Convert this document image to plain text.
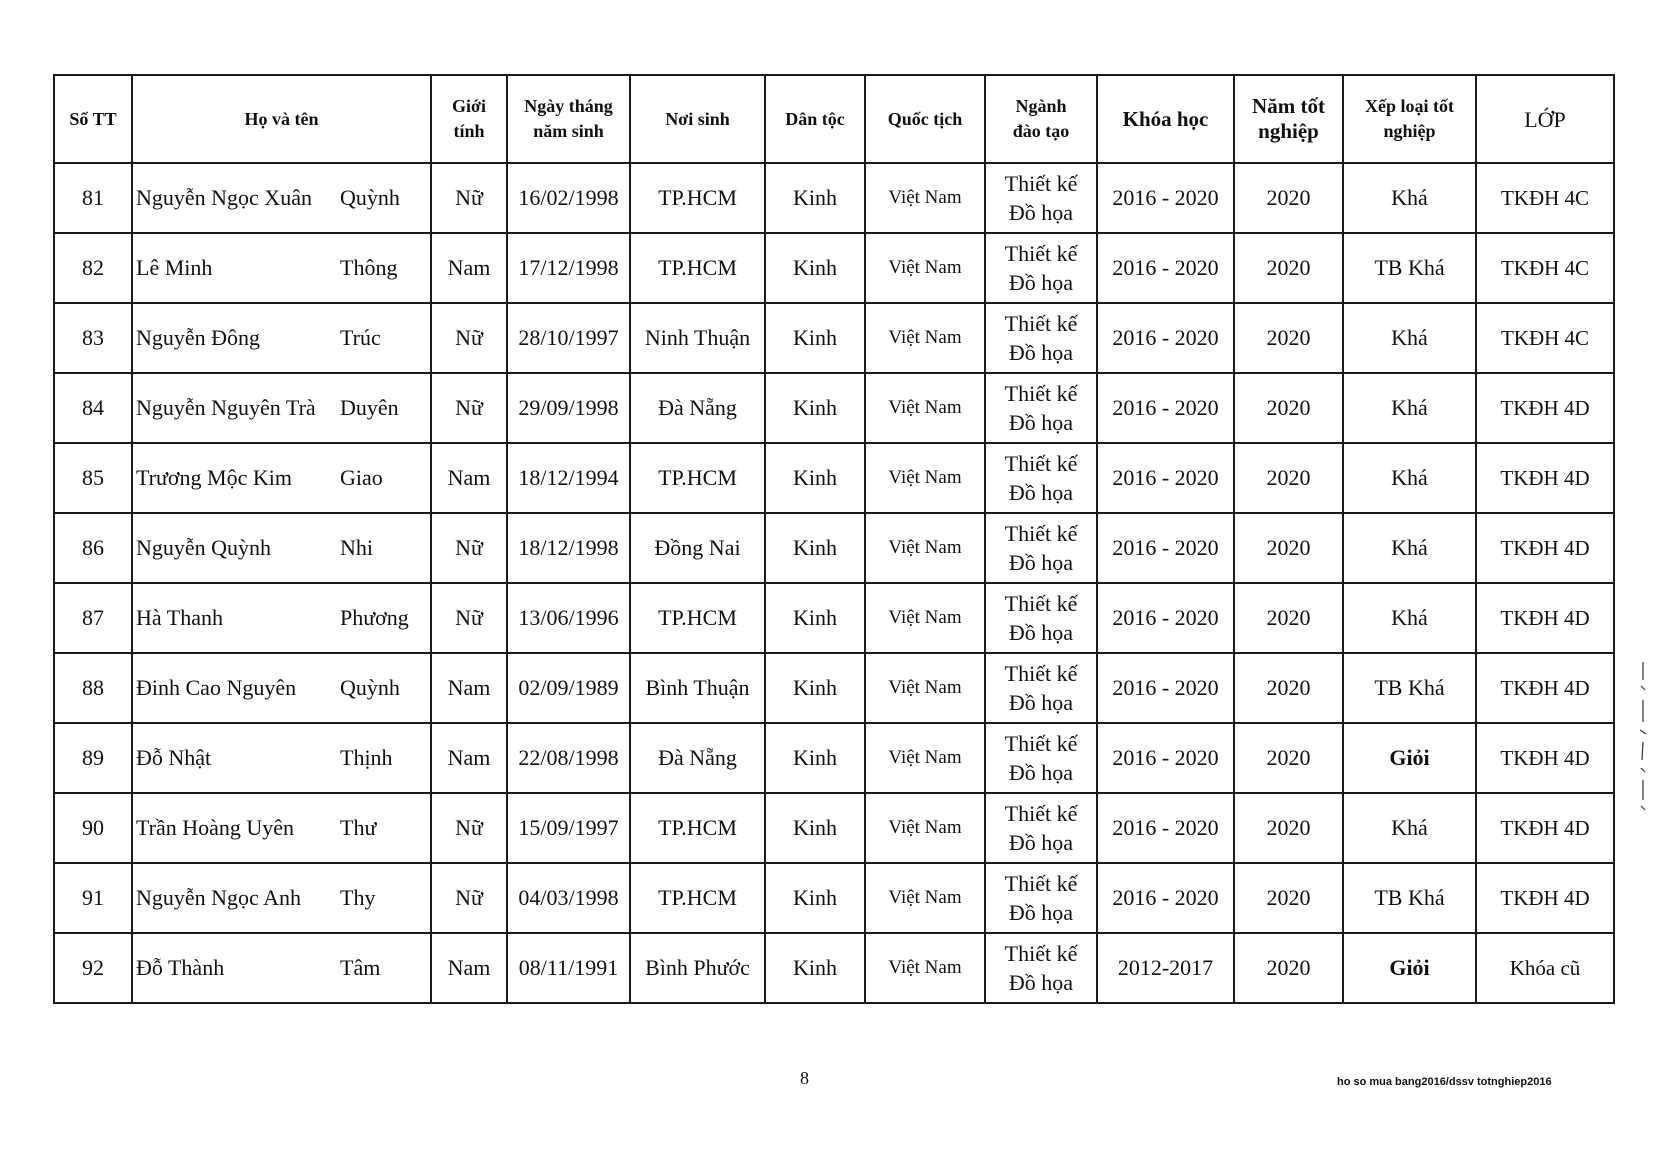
Số TT	Họ và tên		Giới
tính	Ngày tháng
năm sinh	Nơi sinh	Dân tộc	Quốc tịch	Ngành
đào tạo	Khóa học	Năm tốt
nghiệp	Xếp loại tốt
nghiệp	LỚP
81	Nguyễn Ngọc Xuân	Quỳnh	Nữ	16/02/1998	TP.HCM	Kinh	Việt Nam	Thiết kế
Đồ họa	2016 - 2020	2020	Khá	TKĐH 4C
82	Lê Minh	Thông	Nam	17/12/1998	TP.HCM	Kinh	Việt Nam	Thiết kế
Đồ họa	2016 - 2020	2020	TB Khá	TKĐH 4C
83	Nguyễn Đông	Trúc	Nữ	28/10/1997	Ninh Thuận	Kinh	Việt Nam	Thiết kế
Đồ họa	2016 - 2020	2020	Khá	TKĐH 4C
84	Nguyễn Nguyên Trà	Duyên	Nữ	29/09/1998	Đà Nẵng	Kinh	Việt Nam	Thiết kế
Đồ họa	2016 - 2020	2020	Khá	TKĐH 4D
85	Trương Mộc Kim	Giao	Nam	18/12/1994	TP.HCM	Kinh	Việt Nam	Thiết kế
Đồ họa	2016 - 2020	2020	Khá	TKĐH 4D
86	Nguyễn Quỳnh	Nhi	Nữ	18/12/1998	Đồng Nai	Kinh	Việt Nam	Thiết kế
Đồ họa	2016 - 2020	2020	Khá	TKĐH 4D
87	Hà Thanh	Phương	Nữ	13/06/1996	TP.HCM	Kinh	Việt Nam	Thiết kế
Đồ họa	2016 - 2020	2020	Khá	TKĐH 4D
88	Đinh Cao Nguyên	Quỳnh	Nam	02/09/1989	Bình Thuận	Kinh	Việt Nam	Thiết kế
Đồ họa	2016 - 2020	2020	TB Khá	TKĐH 4D
89	Đỗ Nhật	Thịnh	Nam	22/08/1998	Đà Nẵng	Kinh	Việt Nam	Thiết kế
Đồ họa	2016 - 2020	2020	Giỏi	TKĐH 4D
90	Trần Hoàng Uyên	Thư	Nữ	15/09/1997	TP.HCM	Kinh	Việt Nam	Thiết kế
Đồ họa	2016 - 2020	2020	Khá	TKĐH 4D
91	Nguyễn Ngọc Anh	Thy	Nữ	04/03/1998	TP.HCM	Kinh	Việt Nam	Thiết kế
Đồ họa	2016 - 2020	2020	TB Khá	TKĐH 4D
92	Đỗ Thành	Tâm	Nam	08/11/1991	Bình Phước	Kinh	Việt Nam	Thiết kế
Đồ họa	2012-2017	2020	Giỏi	Khóa cũ
8	ho so mua bang2016/dssv totnghiep2016
